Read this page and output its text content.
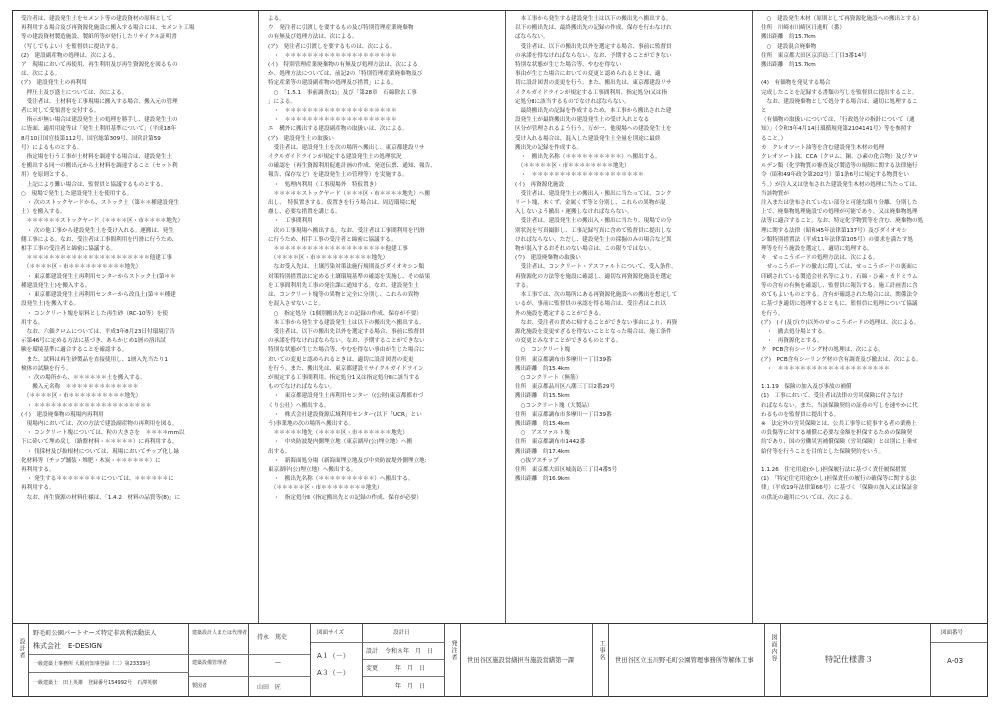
受注者は、建設発生土をセメント等の建設資材の原料として

再利用する場合及び再資源化施設に搬入する場合には、セメント工場

等の建設資材製造施設、製紙所等が発行したリサイクル証明書

（写しでもよい）を監督員に提出する。

(2)　建設副産物の処理は、次による。

ア　現場において再使用、再生利用及び再生資源化を図るもの

は、次による。

(ア)　建設発生土の再利用

　押圧土及び盛土については、次による。

　受注者は、土材料を工事現場に搬入する場合、搬入元の管理

者に対して受領書を交付する。

　指示が無い場合は建設発生土の処理を勝手し、建設発生土の

に皆面、適用用途等は「発生土利用基準について」（平成18年

8月10日国官技第112号、国官総第309号、国営計第59

号）によるものとする。

　指定場を行う工事が土材料を調達する場合は、建設発生土

を搬出する同一の搬出元から土材料を調達すること（セット利

用）を原則とする。

　上記により難い場合は、監督員と協議するものとする。

○　現場で発生した建設発生土を使用する。

　・ 次のストックヤードから、ストック土（第＊＊種建設発生

土）を搬入する。

　＊＊＊＊＊＊ストックヤード（＊＊＊＊区・市＊＊＊＊地先）

　・ 次の他工事から建設発生土を受け入れる。運搬は、発生

側工事による。なお、受注者は工事間利用を円滑に行うため、

相手工事の受注者と綿密に協議する。

　＊＊＊＊＊＊＊＊＊＊＊＊＊＊＊＊＊＊＊＊＊＊他建工事

　（＊＊＊＊区・市＊＊＊＊＊＊＊＊＊＊地先）

　・ 東京都建設発生土再利用センターからストック土(第＊＊

種建設発生土)を搬入する。

　・ 東京都建設発生土再利用センターから改良土(第＊＊種建

設発生土)を搬入する。

　・ コンクリート塊を原料とした再生砂（RC-10等）を使

用する。

　なお、六価クロムについては、平成3年8月23日付環境庁告

示第46号に定める方法に基づき、あらかじめ1層の溶出試

験を環境基準に適合することを確認する。

　また、試料は再生砂製品を直接使用し、1層入先当たり1

検体の試験を行う。

　・ 次の場所から、＊＊＊＊＊＊土を搬入する。

　　搬入元名称　＊＊＊＊＊＊＊＊＊＊＊＊＊

　（＊＊＊＊区・市＊＊＊＊＊＊＊＊＊＊地先）

　・ ＊＊＊＊＊＊＊＊＊＊＊＊＊＊＊＊＊＊＊＊＊

(イ)　建設廃棄物の現場内再利用

　現場内においては、次の方法で建設副産物の再利用を図る。

　・ コンクリート塊については、粒の大きさを　＊＊＊＊mm以

下に砕いて埋め戻し（路盤材料・＊＊＊＊＊）に再利用する。

　・ 伐採材及び抜根材については、現場においてチップ化し緑

化材料等（チップ舗装・堆肥・木炭・＊＊＊＊＊＊）に

再利用する。

　・ 発生する＊＊＊＊＊＊＊＊については、＊＊＊＊＊＊に

再利用する。

　なお、再生資源の材料仕様は、「1.4.2　材料の品質等(8)」に

よる。

ウ　発注者に引渡しを要するもの及び特別管理産業廃棄物

の有無及び処理方法は、次による。

(ア)　発注者に引渡しを要するものは、次による。

　・　＊＊＊＊＊＊＊＊＊＊＊＊＊＊＊＊＊＊＊＊

(イ)　特別管理産業廃棄物の有無及び処理方法は、次による

か、処理方法については、前記2の「特別管理産業廃棄物及び

特定産業等の建設副産物の処理及び措置」による。

　○　「1.5.1　事前調査(1)」及び「第28章　石綿除去工事

」による。

　・　＊＊＊＊＊＊＊＊＊＊＊＊＊＊＊＊＊＊＊＊

　・　＊＊＊＊＊＊＊＊＊＊＊＊＊＊＊＊＊＊＊＊

エ　構外に搬出する建設副産物の取扱いは、次による。

(ア)　建設発生土の取扱い

　受注者は、建設発生土を次の場所へ搬出し、東京都建設リサ

イクルガイドラインが規定する建設発生土の処理状況

の確認を（再生資源利用促進計画の作成、発送伝票、通知、報告、

報告、保存など）を建設発生土の管理等）を実施する。

　・　処理内利用（工事現場外　特仮置き）

　＊＊＊＊＊ストックヤード（＊＊＊区・市＊＊＊＊地先）へ搬

出し、　特仮置きする。仮置きを行う場合は、周辺環境に配

慮し、必要な措置を講じる。

　・　工事間利用

　次の工事現場へ搬出する。なお、受注者は工事間利用を円滑

に行うため、相手工事の受注者と綿密に協議する。

　＊＊＊＊＊＊＊＊＊＊＊＊＊＊＊＊＊＊＊＊他建工事

　（＊＊＊＊区・市＊＊＊＊＊＊＊＊＊＊地先）

　なお受入先は、土壌汚染対策法施行規則及びダイオキシン類

対策特別措置法に定める土壌環境基準の確認を実施し、その結果

を工事間利用先工事の発注課に通知する。なお、建設発生土

は、コンクリート塊等の異物と完全に分別し、これらの異物

を混入させないこと。

　○　指定処分（1個別搬出先との記録の作成、保存が不要）

　本工事から発生する建設発生土は以下の搬出先へ搬出する。

　受注者は、以下の搬出先以外を選定する場合、事前に監督員

の承諾を得なければならない。なお、予期することができない

特別な状態が生じた場合等、やむを得ない事由が生じた場合に

おいての変更と認められるときは、適切に設計図書の変更

を行う。また、搬出先は、東京都建設リサイクルガイドライン

が規定する工事間利用、指定処分1又は指定処分Ⅱに該当する

ものでなければならない。

　・　東京都建設発生土再利用センター（(公財)東京都都市づ

くり公社）へ搬出する。

　・　株式会社建設資源広域利用センター(以下「UCR」とい

う)事業地の次の場所へ搬出する。

　＊＊＊＊＊地先（＊＊＊＊区・市＊＊＊＊＊＊地先）

　・　中央防波堤内側埋立地（東京湖岸(公)埋立地）へ搬

出する。

　・　新海面処分場（新海面埋立地及び中央防波堤外側埋立地:

東京湖岸(公)埋立地）へ搬出する。

　・　搬出先名称（＊＊＊＊＊＊＊＊＊＊）へ搬出する。

　（＊＊＊＊＊区・市＊＊＊＊＊＊＊＊地先）

　・　指定処分Ⅱ（指定搬出先との記録の作成、保存が必要）

　本工事から発生する建設発生土は以下の搬出先へ搬出する。

以下の搬出先は、最終搬出先の記録の作成、保存を行わなけれ

ばならない。

　受注者は、以下の搬出先以外を選定する場合、事前に監督員

の承諾を得なければならない。なお、予期することができない

特別な状態が生じた場合等、やむを得ない

事由が生じた場合においての変更と認められるときは、適

切に設計図書の変更を行う。また、搬出先は、東京都建設リサ

イクルガイドラインが規定する工事間利用、指定処分Ⅰ又は指

定処分Ⅱに該当するものでなければならない。

　最終搬出先の記録を作成するため、本工事から搬出された建

設発生土が最終搬出先の建設発生土の受け入れとなる

区分が管理されるよう行う。万が一、他現場への建設発生土を

受け入れる場合は、混入した建設発生土全量を別途に最終

搬出先の記録を作成する。

　・　搬出先名称（＊＊＊＊＊＊＊＊＊＊）へ搬出する。

　（＊＊＊＊＊区・市＊＊＊＊＊＊＊＊地先）

　・　＊＊＊＊＊＊＊＊＊＊＊＊＊＊＊＊＊＊＊＊

(イ)　再資源化施設

　受注者は、建設発生土の搬出入・搬出に当たっては、コンク

リート塊、木くず、金属くず等と分別し、これらの異物が混

入しないよう撤出・運搬しなければならない。

　受注者は、建設発生土の搬出入・搬出に当たり、現場での分

別状況を写真撮影し、工事記録写真に含めて監督員に提出しな

ければならない。ただし、建設発生土の採掘のみの場合など異

物が混入するおそれのない場合は、この限りではない。

(ウ)　建設廃棄物の取扱い

　受注者は、コンクリート・アスファルトについて、受入条件、

再資源化の方法等を施設に確認し、適切な再資源化施設を選定

する。

　本工事では、次の場所にある再資源化施設への搬出を想定して

いるが、事前に監督員の承認を得る場合は、受注者はこれ以

外の施設を選定することができる。

　なお、受注者の責めに帰することができない事由により、再資

源化施設を変更せざるを得ないこととなった場合は、施工条件

の変更とみなすことができるものとする。

　○　コンクリート塊

住所　東京都調布市多摩川一丁目39番

搬出距離　約15.4km

　○コンクリート（無筋）

住所　東京都品川区八潮三丁目2番29号

搬出距離　約15.5km

　○コンクリート塊（大製品）

住所　東京都調布市多摩川一丁目39番

搬出距離　約15.4km

　○　アスファルト塊

住所　東京都調布市1442番

搬出距離　約17.4km

　○抜アスチップ

住所　東京都大田区城南島三丁目4番5号

搬出距離　約16.9km

　○　建設発生木材（原則として再資源化施設への搬出とする）

住所　川崎市川崎区日進町（番）

搬出距離　約15.7km

　○　建設混合廃棄物

住所　東京都大田区京浜島三丁目3番14号

搬出距離　約15.7km

(4)　有価物を発見する場合

完成したことを記録する書類の写しを監督員に提出すること。

　なお、建設廃棄物として処分する場合は、適切に処理するこ

と

（有価物の取扱いについては、「行政処分の指針について（通

知）」（令和3年4月14日環循規発第2104141号）等を参照す

ること。）

カ　クレオソート油等を含む建設発生木材の処理

クレオソート油、CCA（クロム、銅、ひ素の化合物）及びクロ

ルデン類（化学物質の審査及び製造等の規制に関する法律施行

令（昭和49年政令第202号）第1条6号に規定する物質をい

う。）が注入又は塗布された建設発生木材の処理に当たっては、

当該物質が

注入または塗布されていない部分と可能な限り分離、分別した

上で、廃棄物処理施設での処理が可能であり、又は廃棄物処理

法等に適合すること。なお、特定化学物質等を含む、廃棄物の処

理に関する法律（昭和45年法律第137号）及びダイオキシ

ン類特別措置法（平成11年法律第105号）の要求を満たす処

理等を行う施設を選定し、適切に処理する。

キ　せっこうボードの処理方法は、次による。

　せっこうボードの撤去に際しては、せっこうボードの裏面に

印刷されている製造会社名等により、石綿・ひ素・カドミウム

等の含有の有無を確認し、監督員に報告する。施工計画書に含

めてもよいものとする。含有が確認された場合には、関係法令

に基づき適切に処理するとともに、監督員に処理について協議

を行う。

(ア)　(イ)及び(ウ)以外のせっこうボードの処理は、次による。

　・　撤去処分場とする。

　・　再資源化とする。

ク　PCB含有シーリング材の処理は、次による。

(ア)　PCB含有シーリング材の含有調査及び撤去は、次による。

　・　＊＊＊＊＊＊＊＊＊＊＊＊＊＊＊＊＊＊＊＊

1.1.19　保険の加入及び事故の補償

(1)　工事において、受注者は法律の労災保険に付さなけ

ればならない。また、当該保険契約の証券の写しを速やかに代

わるものを監督員に提出する。

※　法定外の労災保険とは、公共工事等に従事する者の業務上

の負傷等に対する補償に必要な金額を担保するための保険契

約であり、国の労働災害補償保険（労災保険）とは別に上乗せ

給付等を行うことを目的とした保険契約をいう。

1.1.26　住宅用途(かし)担保履行法に基づく責任履保措置

(1)　「特定住宅用途(かし)担保責任の履行の確保等に関する法

律」（平成19年法律第66号）に基づく「保険の加入又は保証金

の供託の適用については、次による。

設計者
野毛町公園パートナーズ特定非営利活動法人
株式会社　E-DESIGN
一級建築士事務所 大阪府知事登録（二）第23339号
一級建築士　田上英雄　登録番号154992号　石澤英樹
建築設計人または代理者
建築設備管理者
製図者
持永　篤史
—
山田　匠
図面サイズ
A１（－）
A３（－）
設計日
設計 令和８年　月　日
変更	年　月　日
年　月　日
発注者 世田谷区施設営繕担当施設営繕第一課	工事名 世田谷区立玉川野毛町公園管理事務所等解体工事	図面内容	特記仕様書３
図面番号
A-03
